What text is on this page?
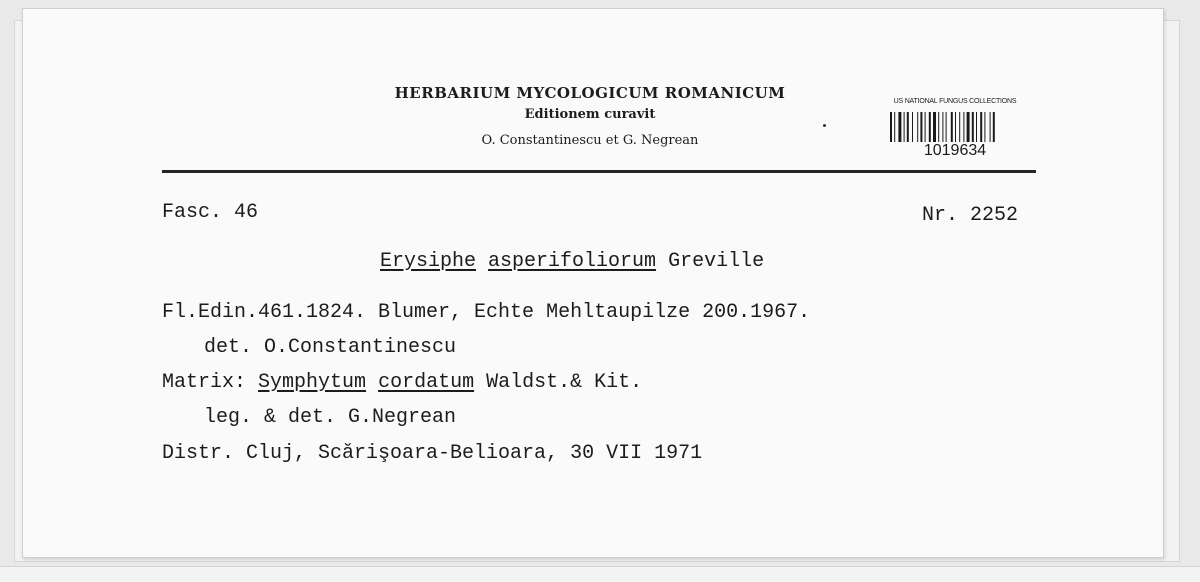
HERBARIUM MYCOLOGICUM ROMANICUM
Editionem curavit
O. Constantinescu et G. Negrean
US NATIONAL FUNGUS COLLECTIONS
1019634
Fasc. 46	Nr. 2252
Erysiphe asperifoliorum Greville
Fl.Edin.461.1824. Blumer, Echte Mehltaupilze 200.1967.
det. O.Constantinescu
Matrix: Symphytum cordatum Waldst.& Kit.
leg. & det. G.Negrean
Distr. Cluj, Scărişoara-Belioara, 30 VII 1971
